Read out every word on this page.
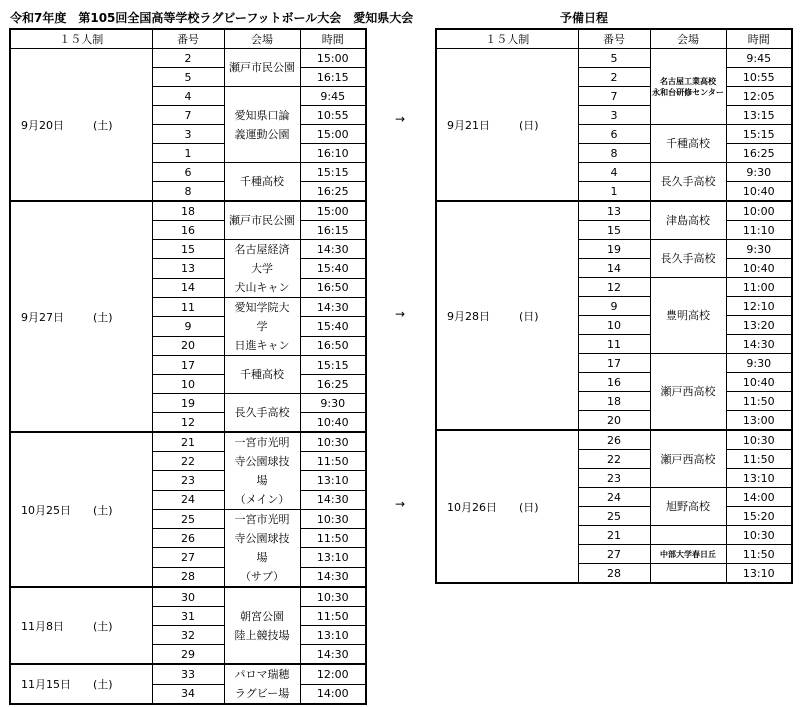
令和7年度　第105回全国高等学校ラグビーフットボール大会　愛知県大会	予備日程
１５人制	番号	会場	時間
9月20日 (土)	2	瀬戸市民公園	15:00
	5		16:15
	4	愛知県口論
義運動公園	9:45
	7		10:55
	3		15:00
	1		16:10
	6	千種高校	15:15
	8		16:25
9月27日 (土)	18	瀬戸市民公園	15:00
	16		16:15
	15	名古屋経済
大学
犬山キャン	14:30
	13		15:40
	14		16:50
	11	愛知学院大
学
日進キャン	14:30
	9		15:40
	20		16:50
	17	千種高校	15:15
	10		16:25
	19	長久手高校	9:30
	12		10:40
10月25日 (土)	21	一宮市光明
寺公園球技
場
（メイン）	10:30
	22		11:50
	23		13:10
	24		14:30
	25	一宮市光明
寺公園球技
場
（サブ）	10:30
	26		11:50
	27		13:10
	28		14:30
11月8日 (土)	30	朝宮公園
陸上競技場	10:30
	31		11:50
	32		13:10
	29		14:30
11月15日 (土)	33	パロマ瑞穂
ラグビー場	12:00
	34		14:00
１５人制	番号	会場	時間
9月21日 (日)	5	名古屋工業高校
永和台研修センター	9:45
	2		10:55
	7		12:05
	3		13:15
	6	千種高校	15:15
	8		16:25
	4	長久手高校	9:30
	1		10:40
9月28日 (日)	13	津島高校	10:00
	15		11:10
	19	長久手高校	9:30
	14		10:40
	12	豊明高校	11:00
	9		12:10
	10		13:20
	11		14:30
	17	瀬戸西高校	9:30
	16		10:40
	18		11:50
	20		13:00
10月26日 (日)	26	瀬戸西高校	10:30
	22		11:50
	23		13:10
	24	旭野高校	14:00
	25		15:20
	21		10:30
	27	中部大学春日丘	11:50
	28		13:10
→
→
→
